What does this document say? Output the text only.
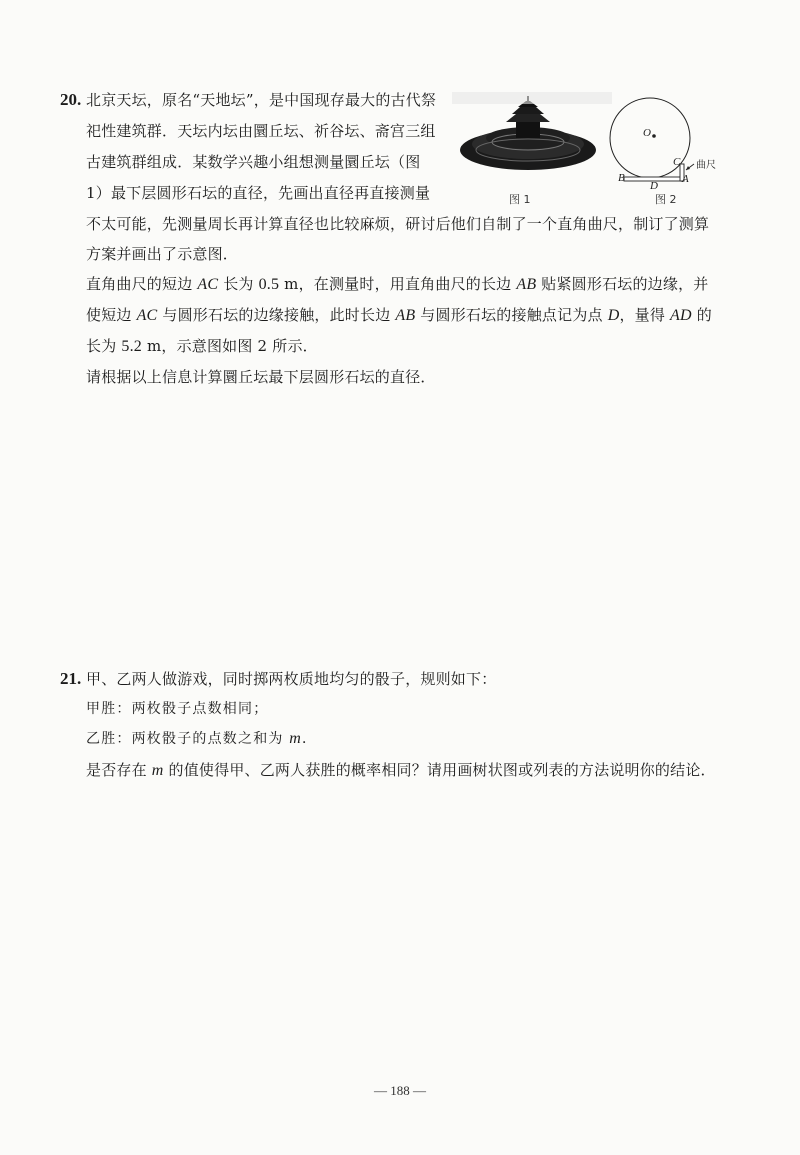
20. 北京天坛，原名“天地坛”，是中国现存最大的古代祭
祀性建筑群．天坛内坛由圜丘坛、祈谷坛、斋宫三组
古建筑群组成．某数学兴趣小组想测量圜丘坛（图
1）最下层圆形石坛的直径，先画出直径再直接测量
不太可能，先测量周长再计算直径也比较麻烦，研讨后他们自制了一个直角曲尺，制订了测算
方案并画出了示意图．
直角曲尺的短边 AC 长为 0.5 m，在测量时，用直角曲尺的长边 AB 贴紧圆形石坛的边缘，并
使短边 AC 与圆形石坛的边缘接触，此时长边 AB 与圆形石坛的接触点记为点 D，量得 AD 的
长为 5.2 m，示意图如图 2 所示．
请根据以上信息计算圜丘坛最下层圆形石坛的直径．
图 1
O
B
D
C
A
曲尺
图 2
21. 甲、乙两人做游戏，同时掷两枚质地均匀的骰子，规则如下：
甲胜：两枚骰子点数相同；
乙胜：两枚骰子的点数之和为 m．
是否存在 m 的值使得甲、乙两人获胜的概率相同？请用画树状图或列表的方法说明你的结论．
— 188 —
